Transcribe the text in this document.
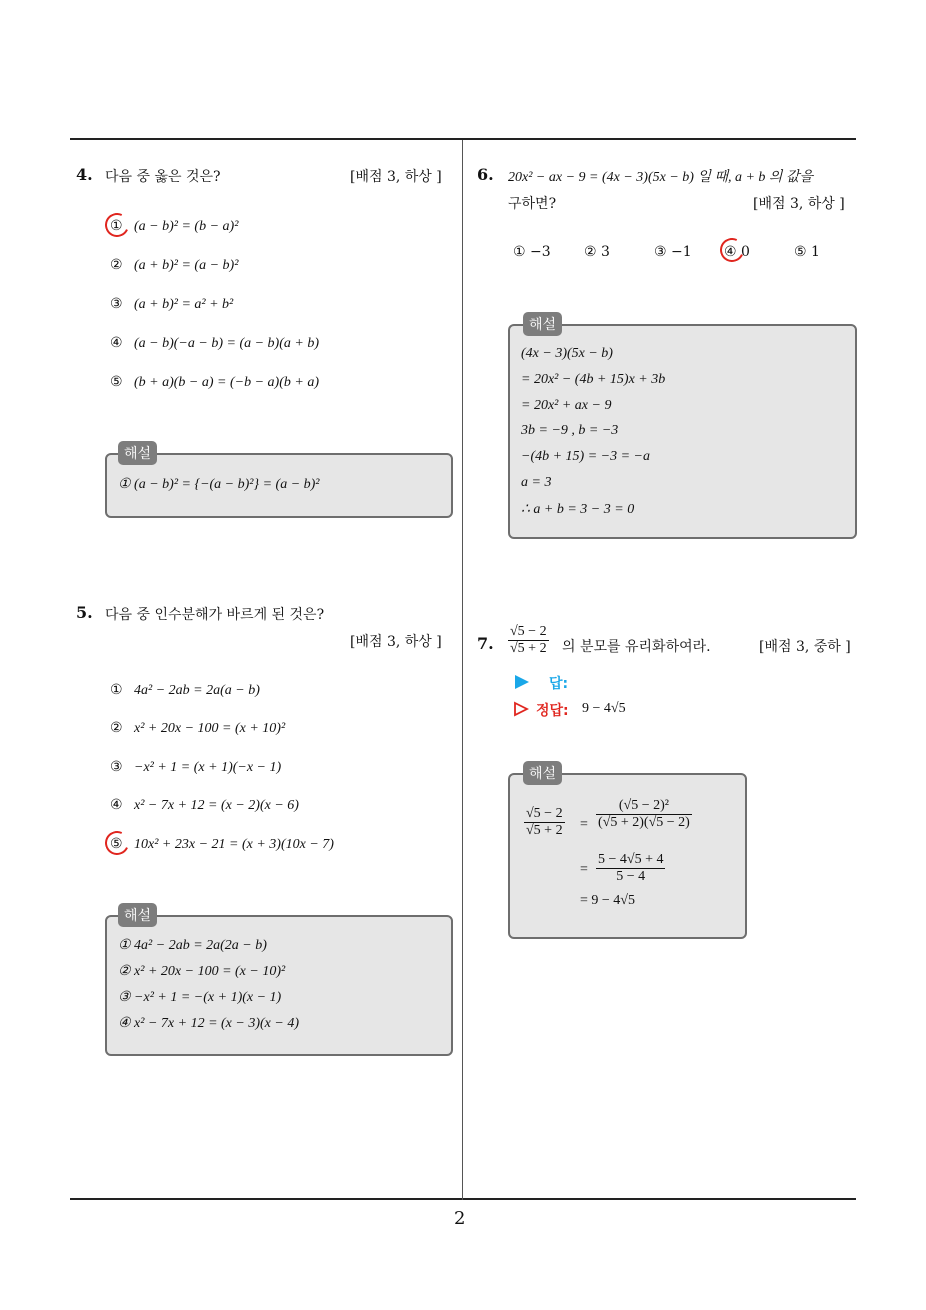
4. 다음 중 옳은 것은?	[배점 3, 하상 ]
① (a − b)² = (b − a)²
② (a + b)² = (a − b)²
③ (a + b)² = a² + b²
④ (a − b)(−a − b) = (a − b)(a + b)
⑤ (b + a)(b − a) = (−b − a)(b + a)
해설
① (a − b)² = {−(a − b)²} = (a − b)²
5. 다음 중 인수분해가 바르게 된 것은?
[배점 3, 하상 ]
① 4a² − 2ab = 2a(a − b)
② x² + 20x − 100 = (x + 10)²
③ −x² + 1 = (x + 1)(−x − 1)
④ x² − 7x + 12 = (x − 2)(x − 6)
⑤ 10x² + 23x − 21 = (x + 3)(10x − 7)
해설
① 4a² − 2ab = 2a(2a − b)
② x² + 20x − 100 = (x − 10)²
③ −x² + 1 = −(x + 1)(x − 1)
④ x² − 7x + 12 = (x − 3)(x − 4)
6. 20x² − ax − 9 = (4x − 3)(5x − b) 일 때, a + b 의 값을
구하면?	[배점 3, 하상 ]
① −3 ② 3	③ −1 ④ 0	⑤ 1
해설
(4x − 3)(5x − b)
= 20x² − (4b + 15)x + 3b
= 20x² + ax − 9
3b = −9 , b = −3
−(4b + 15) = −3 = −a
a = 3
∴ a + b = 3 − 3 = 0
7. $\frac{√5 - 2}{√5 + 2}$ 의 분모를 유리화하여라.	[배점 3, 중하 ]
답:
정답: 9 − 4√5
해설
$\frac{√5 - 2}{√5 + 2} = \frac{\text{(√5 − 2)²}}{(√5 + 2)(√5 - 2)}$
= $\frac{5 - 4√5 + 4}{5 - 4}$
= 9 − 4√5
2
